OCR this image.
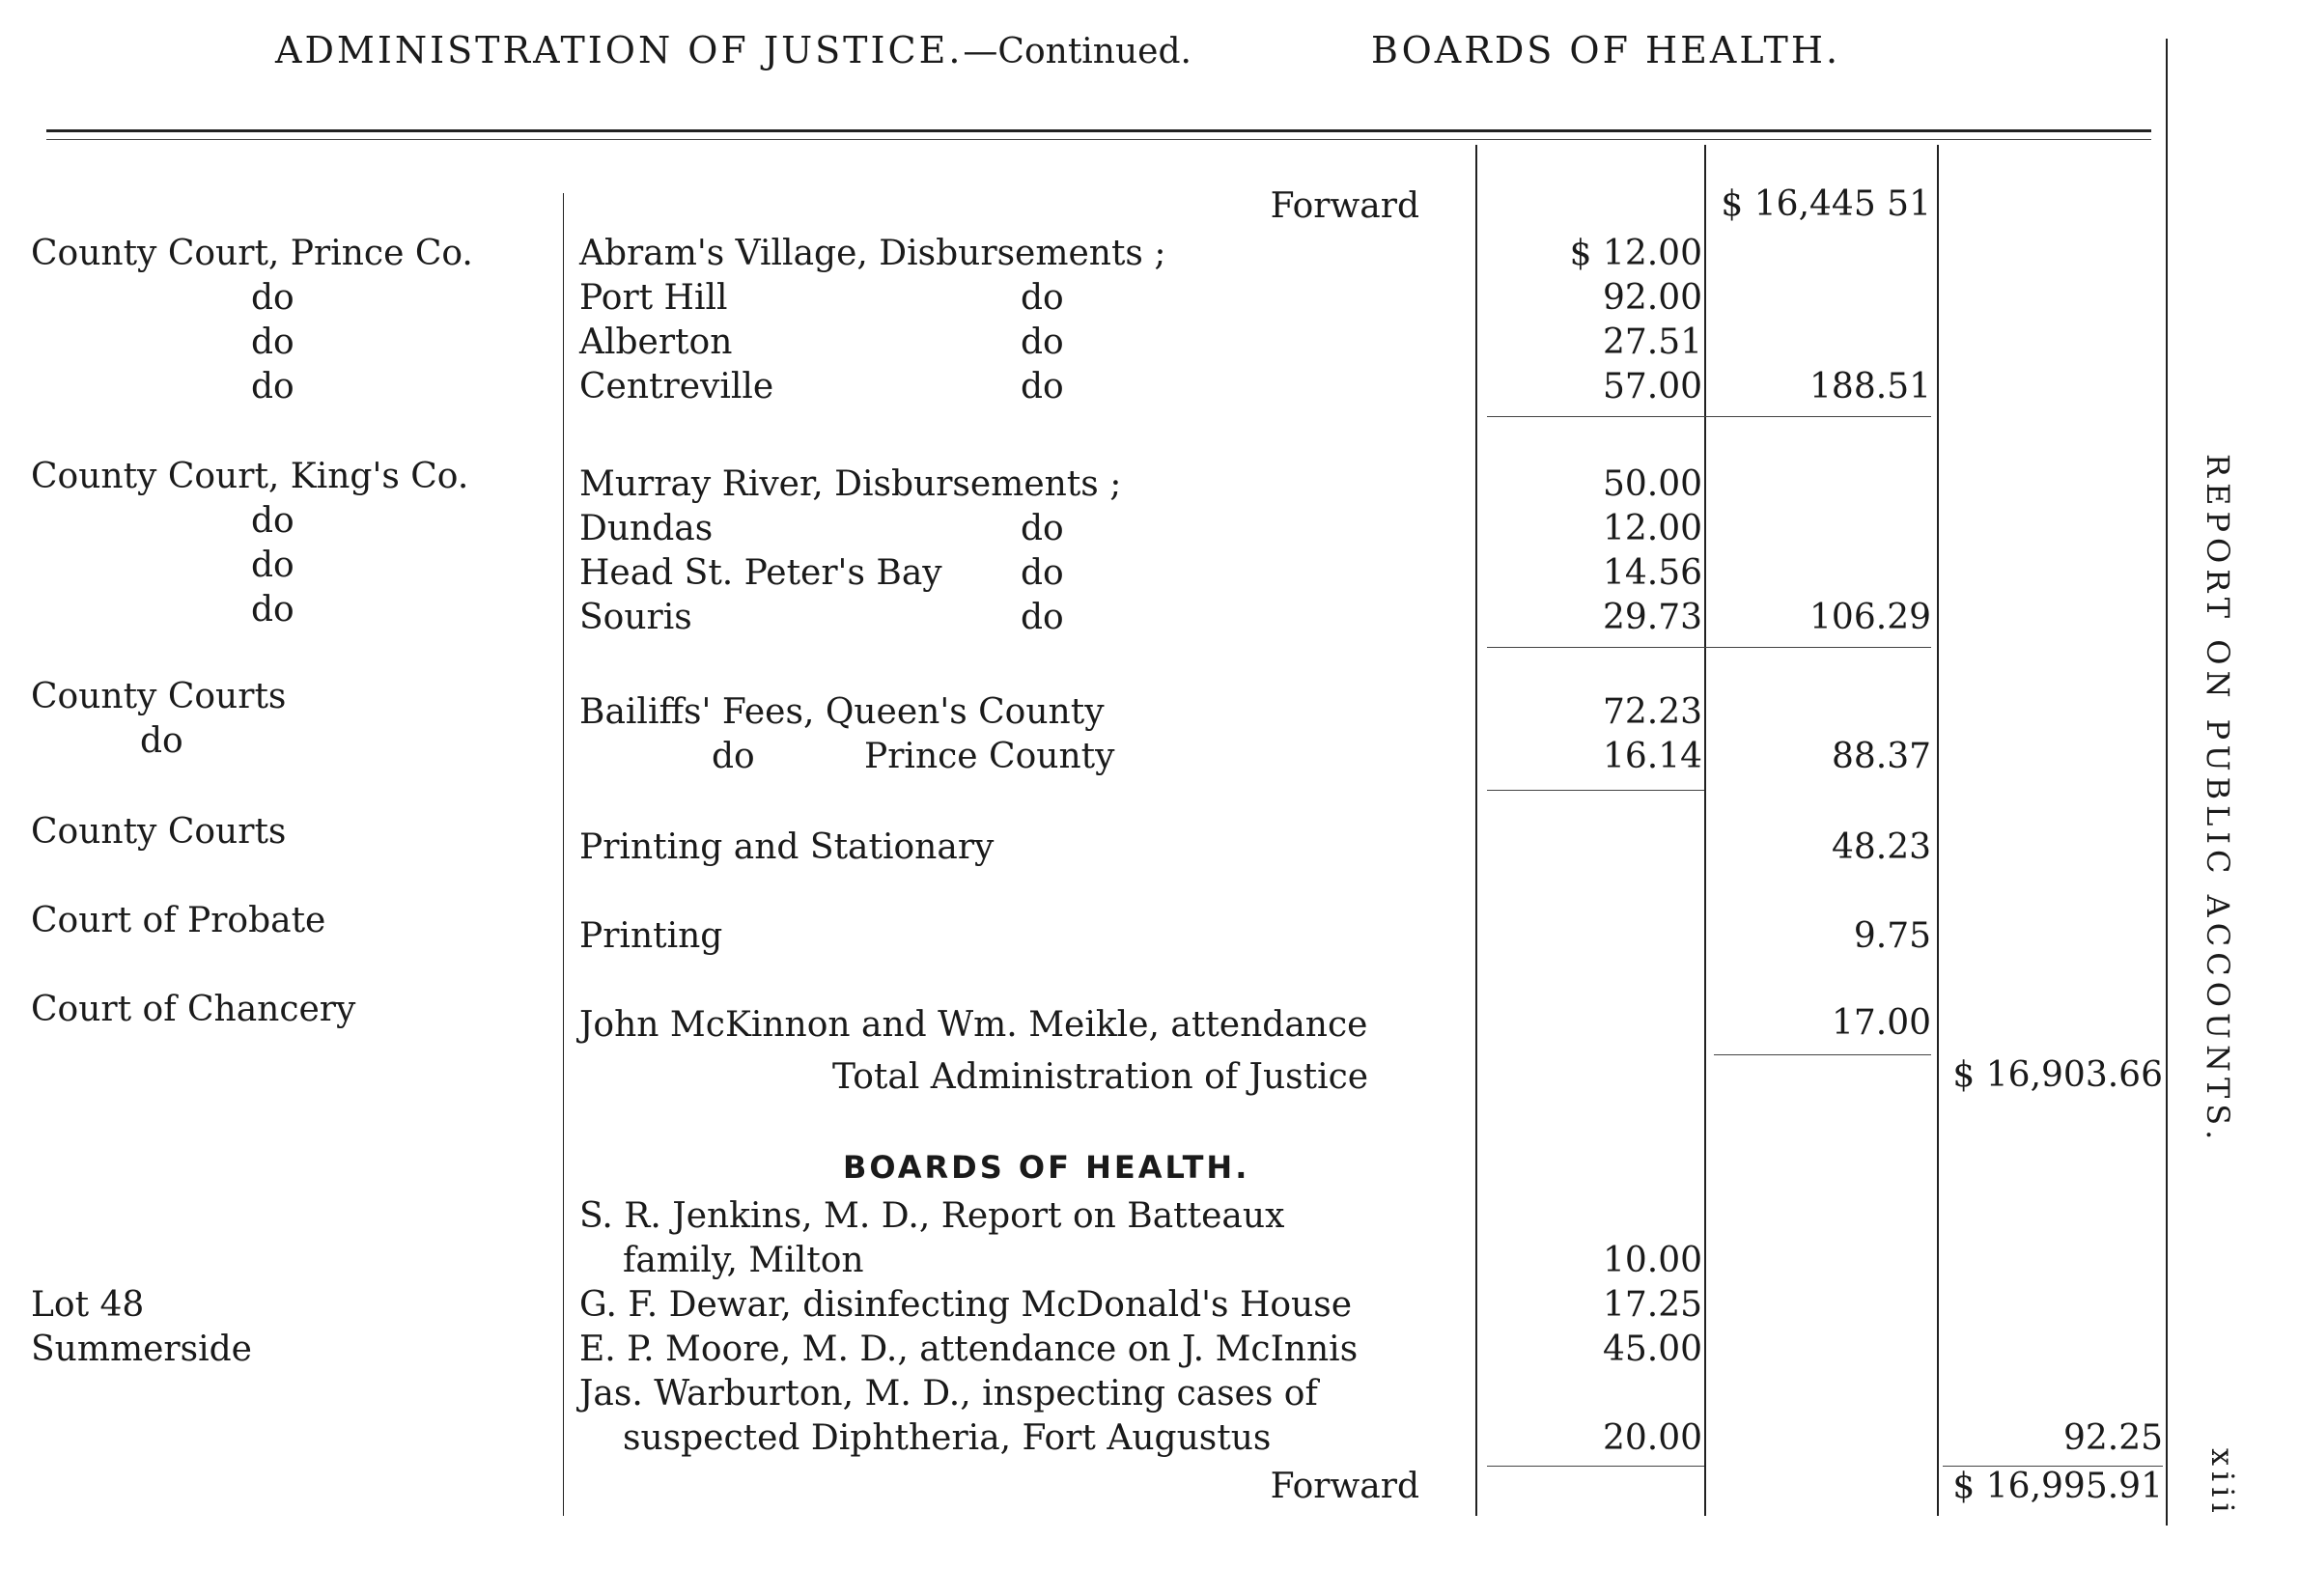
ADMINISTRATION OF JUSTICE.—Continued.	BOARDS OF HEALTH.
REPORT ON PUBLIC ACCOUNTS.
xiii
Forward	$ 16,445 51
County Court, Prince Co.	Abram's Village, Disbursements ;	$ 12.00
do	Port Hill	do	92.00
do	Alberton	do	27.51
do	Centreville	do	57.00	188.51
County Court, King's Co.	Murray River, Disbursements ;	50.00
do	Dundas	do	12.00
do	Head St. Peter's Bay do	14.56
do	Souris	do	29.73	106.29
County Courts	Bailiffs' Fees, Queen's County	72.23
do	do	Prince County	16.14	88.37
County Courts	Printing and Stationary	48.23
Court of Probate	Printing	9.75
Court of Chancery	John McKinnon and Wm. Meikle, attendance	17.00
Total Administration of Justice	$ 16,903.66
BOARDS OF HEALTH.
S. R. Jenkins, M. D., Report on Batteaux
family, Milton	10.00
Lot 48	G. F. Dewar, disinfecting McDonald's House	17.25
Summerside	E. P. Moore, M. D., attendance on J. McInnis	45.00
Jas. Warburton, M. D., inspecting cases of
suspected Diphtheria, Fort Augustus	20.00	92.25
Forward	$ 16,995.91
